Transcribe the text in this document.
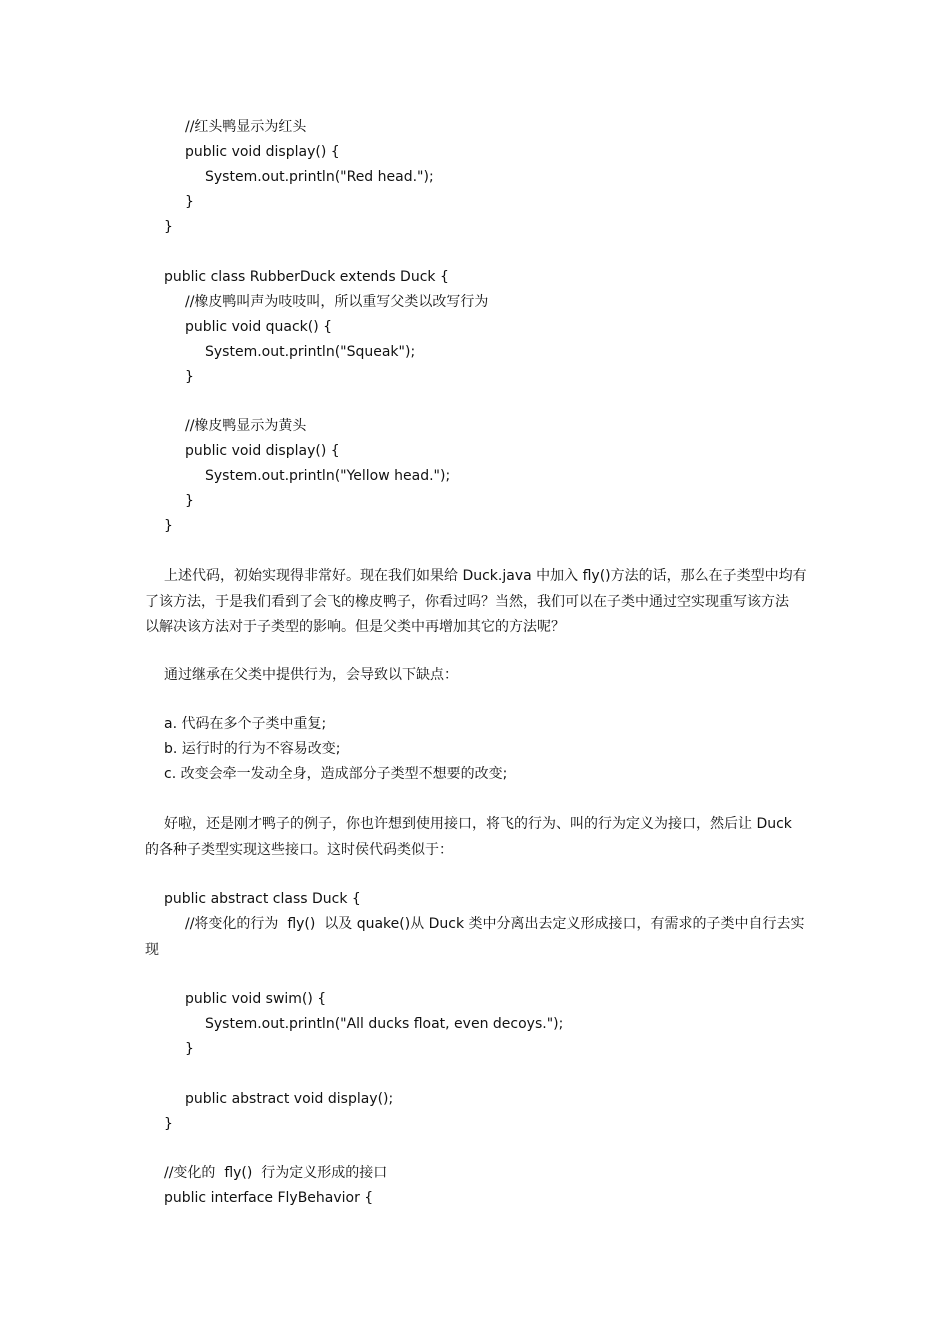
//红头鸭显示为红头
public void display() {
System.out.println("Red head.");
}
}
public class RubberDuck extends Duck {
//橡皮鸭叫声为吱吱叫，所以重写父类以改写行为
public void quack() {
System.out.println("Squeak");
}
//橡皮鸭显示为黄头
public void display() {
System.out.println("Yellow head.");
}
}
上述代码，初始实现得非常好。现在我们如果给 Duck.java 中加入 fly()方法的话，那么在子类型中均有
了该方法，于是我们看到了会飞的橡皮鸭子，你看过吗？当然，我们可以在子类中通过空实现重写该方法
以解决该方法对于子类型的影响。但是父类中再增加其它的方法呢？
通过继承在父类中提供行为，会导致以下缺点：
a. 代码在多个子类中重复;
b. 运行时的行为不容易改变;
c. 改变会牵一发动全身，造成部分子类型不想要的改变;
好啦，还是刚才鸭子的例子，你也许想到使用接口，将飞的行为、叫的行为定义为接口，然后让 Duck
的各种子类型实现这些接口。这时侯代码类似于：
public abstract class Duck {
//将变化的行为  fly()  以及 quake()从 Duck 类中分离出去定义形成接口，有需求的子类中自行去实
现
public void swim() {
System.out.println("All ducks float, even decoys.");
}
public abstract void display();
}
//变化的  fly()  行为定义形成的接口
public interface FlyBehavior {
